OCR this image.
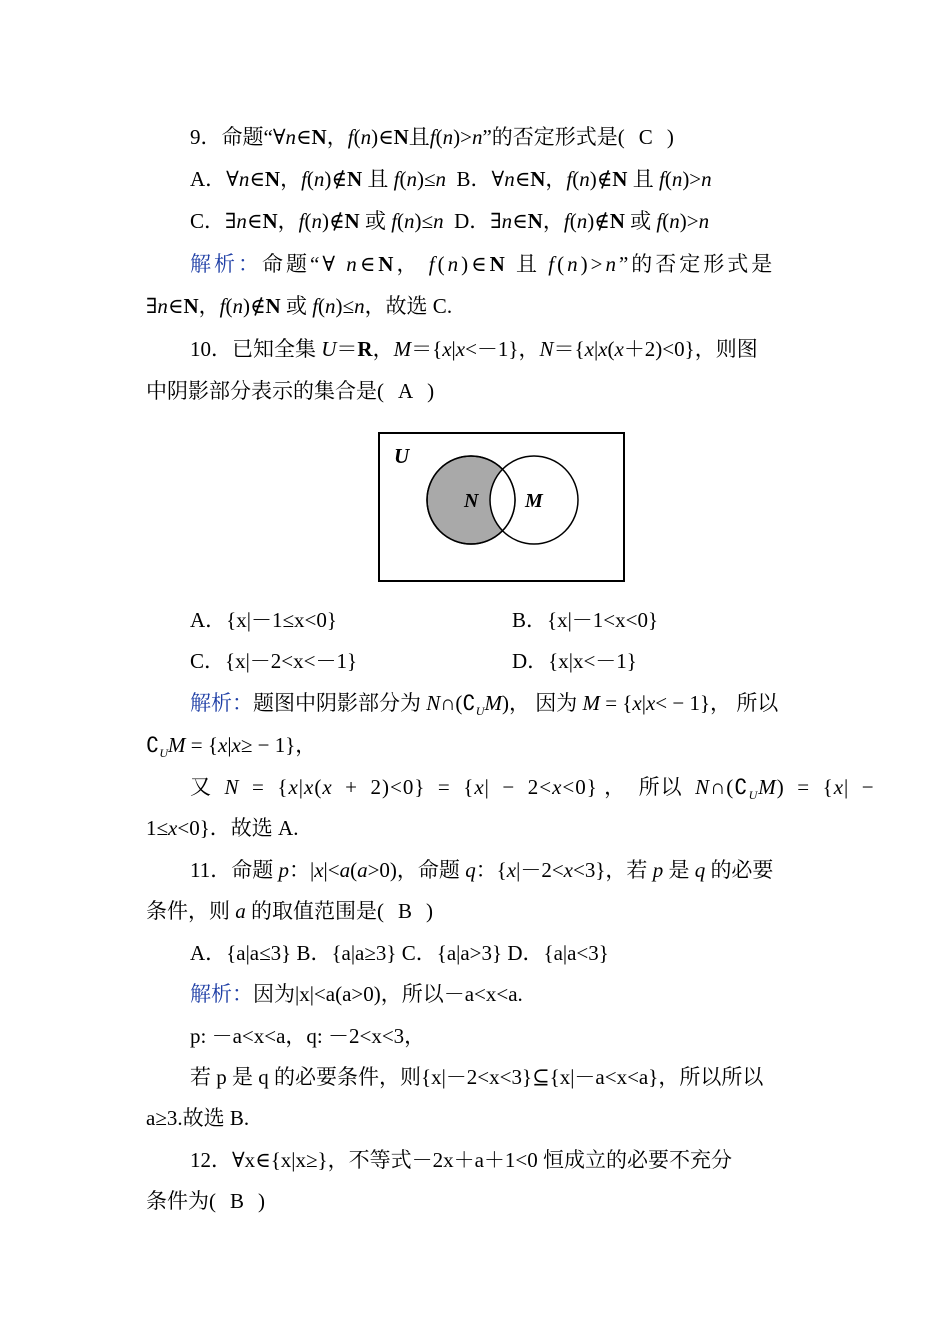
9．命题“∀n∈N，f(n)∈N且f(n)>n”的否定形式是( C )
A．∀n∈N，f(n)∉N 且 f(n)≤n B．∀n∈N，f(n)∉N 且 f(n)>n
C．∃n∈N，f(n)∉N 或 f(n)≤n D．∃n∈N，f(n)∉N 或 f(n)>n
解析：命题“∀ n∈N， f(n)∈N 且 f(n)>n”的否定形式是
∃n∈N，f(n)∉N 或 f(n)≤n，故选 C.
10．已知全集 U＝R，M＝{x|x<－1}，N＝{x|x(x＋2)<0}，则图
中阴影部分表示的集合是( A )
U
N M
A．{x|－1≤x<0}	B．{x|－1<x<0}
C．{x|－2<x<－1}	D．{x|x<－1}
解析：题图中阴影部分为 $N\cap(∁_UM)$， 因为 M = {x|x< − 1}， 所以
$∁_UM = \{x|x\ge - 1\}$，
又 N  =  {x|x(x  +  2)<0}  =  {x|  −  2<x<0} ，  所以 $N\cap(∁_UM) = \{x|$  −
1≤x<0}．故选 A.
11．命题 p：|x|<a(a>0)，命题 q：{x|－2<x<3}，若 p 是 q 的必要
条件，则 a 的取值范围是( B )
A．{a|a≤3} B．{a|a≥3} C．{a|a>3} D．{a|a<3}
解析：因为|x|<a(a>0)，所以－a<x<a.
p: －a<x<a，q: －2<x<3，
若 p 是 q 的必要条件，则{x|－2<x<3}⊆{x|－a<x<a}，所以所以
a≥3.故选 B.
12．∀x∈{x|x≥}，不等式－2x＋a＋1<0 恒成立的必要不充分
条件为( B )
